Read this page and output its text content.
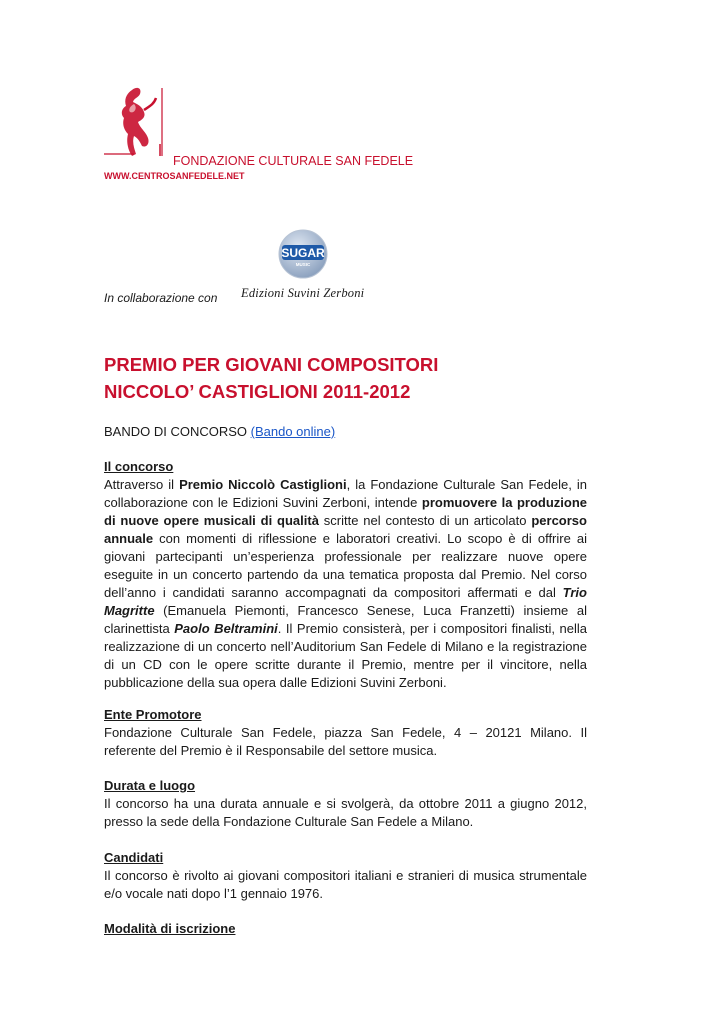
FONDAZIONE CULTURALE SAN FEDELE
WWW.CENTROSANFEDELE.NET
SUGAR
MUSIC
In collaborazione con Edizioni Suvini Zerboni
PREMIO PER GIOVANI COMPOSITORI
NICCOLO’ CASTIGLIONI 2011-2012
BANDO DI CONCORSO (Bando online)
Il concorso

Attraverso il Premio Niccolò Castiglioni, la Fondazione Culturale San Fedele, in collaborazione con le Edizioni Suvini Zerboni, intende promuovere la produzione di nuove opere musicali di qualità scritte nel contesto di un articolato percorso annuale con momenti di riflessione e laboratori creativi. Lo scopo è di offrire ai giovani partecipanti un’esperienza professionale per realizzare nuove opere eseguite in un concerto partendo da una tematica proposta dal Premio. Nel corso dell’anno i candidati saranno accompagnati da compositori affermati e dal Trio Magritte (Emanuela Piemonti, Francesco Senese, Luca Franzetti) insieme al clarinettista Paolo Beltramini. Il Premio consisterà, per i compositori finalisti, nella realizzazione di un concerto nell’Auditorium San Fedele di Milano e la registrazione di un CD con le opere scritte durante il Premio, mentre per il vincitore, nella pubblicazione della sua opera dalle Edizioni Suvini Zerboni.

Ente Promotore

Fondazione Culturale San Fedele, piazza San Fedele, 4 – 20121 Milano. Il referente del Premio è il Responsabile del settore musica.

Durata e luogo

Il concorso ha una durata annuale e si svolgerà, da ottobre 2011 a giugno 2012, presso la sede della Fondazione Culturale San Fedele a Milano.

Candidati

Il concorso è rivolto ai giovani compositori italiani e stranieri di musica strumentale e/o vocale nati dopo l’1 gennaio 1976.

Modalità di iscrizione
